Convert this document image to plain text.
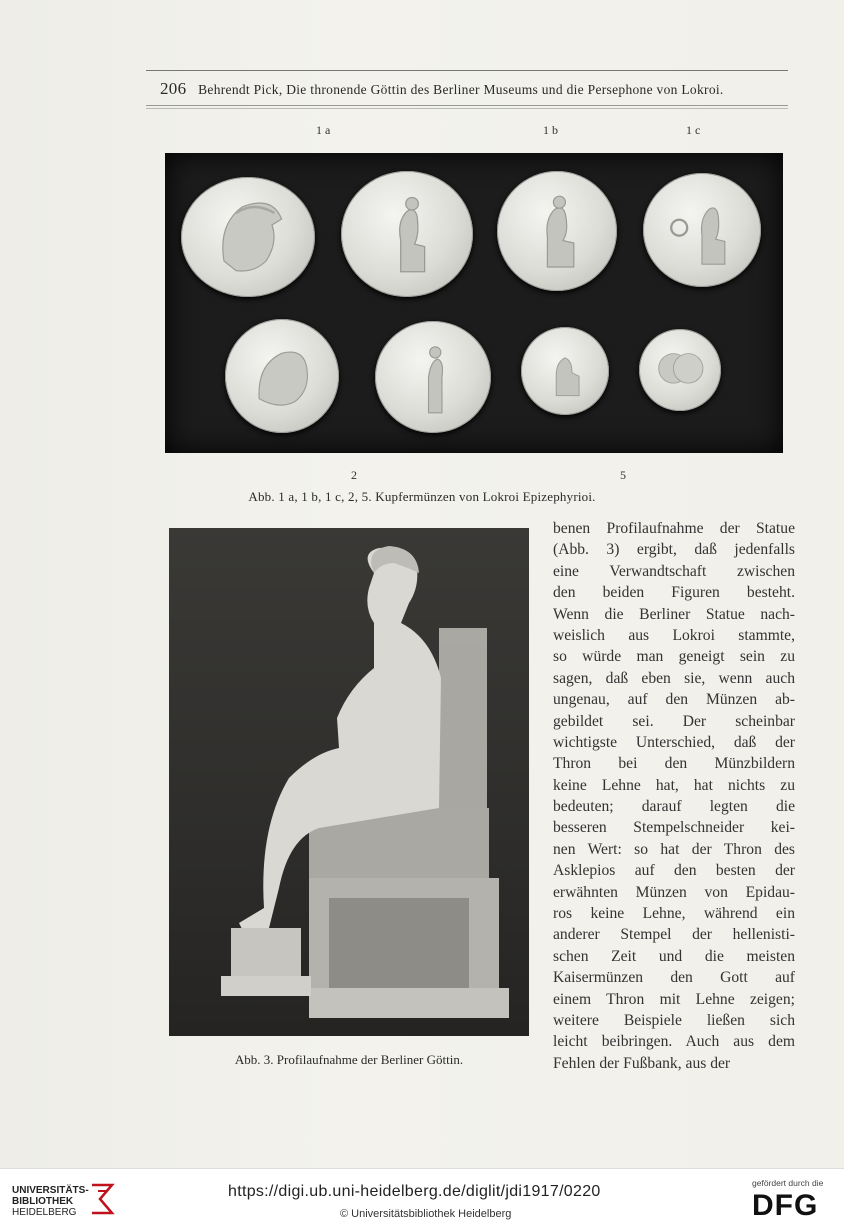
206 Behrendt Pick, Die thronende Göttin des Berliner Museums und die Persephone von Lokroi.
1 a	1 b	1 c
2	5
Abb. 1 a, 1 b, 1 c, 2, 5. Kupfermünzen von Lokroi Epizephyrioi.
Abb. 3. Profilaufnahme der Berliner Göttin.
benen Profilaufnahme der Statue
(Abb. 3) ergibt, daß jedenfalls
eine Verwandtschaft zwischen
den beiden Figuren besteht.
Wenn die Berliner Statue nach-
weislich aus Lokroi stammte,
so würde man geneigt sein zu
sagen, daß eben sie, wenn auch
ungenau, auf den Münzen ab-
gebildet sei. Der scheinbar
wichtigste Unterschied, daß der
Thron bei den Münzbildern
keine Lehne hat, hat nichts zu
bedeuten; darauf legten die
besseren Stempelschneider kei-
nen Wert: so hat der Thron des
Asklepios auf den besten der
erwähnten Münzen von Epidau-
ros keine Lehne, während ein
anderer Stempel der hellenisti-
schen Zeit und die meisten
Kaisermünzen den Gott auf
einem Thron mit Lehne zeigen;
weitere Beispiele ließen sich
leicht beibringen. Auch aus dem
Fehlen der Fußbank, aus der
UNIVERSITÄTS-
BIBLIOTHEK
HEIDELBERG
https://digi.ub.uni-heidelberg.de/diglit/jdi1917/0220
© Universitätsbibliothek Heidelberg
gefördert durch die
DFG
